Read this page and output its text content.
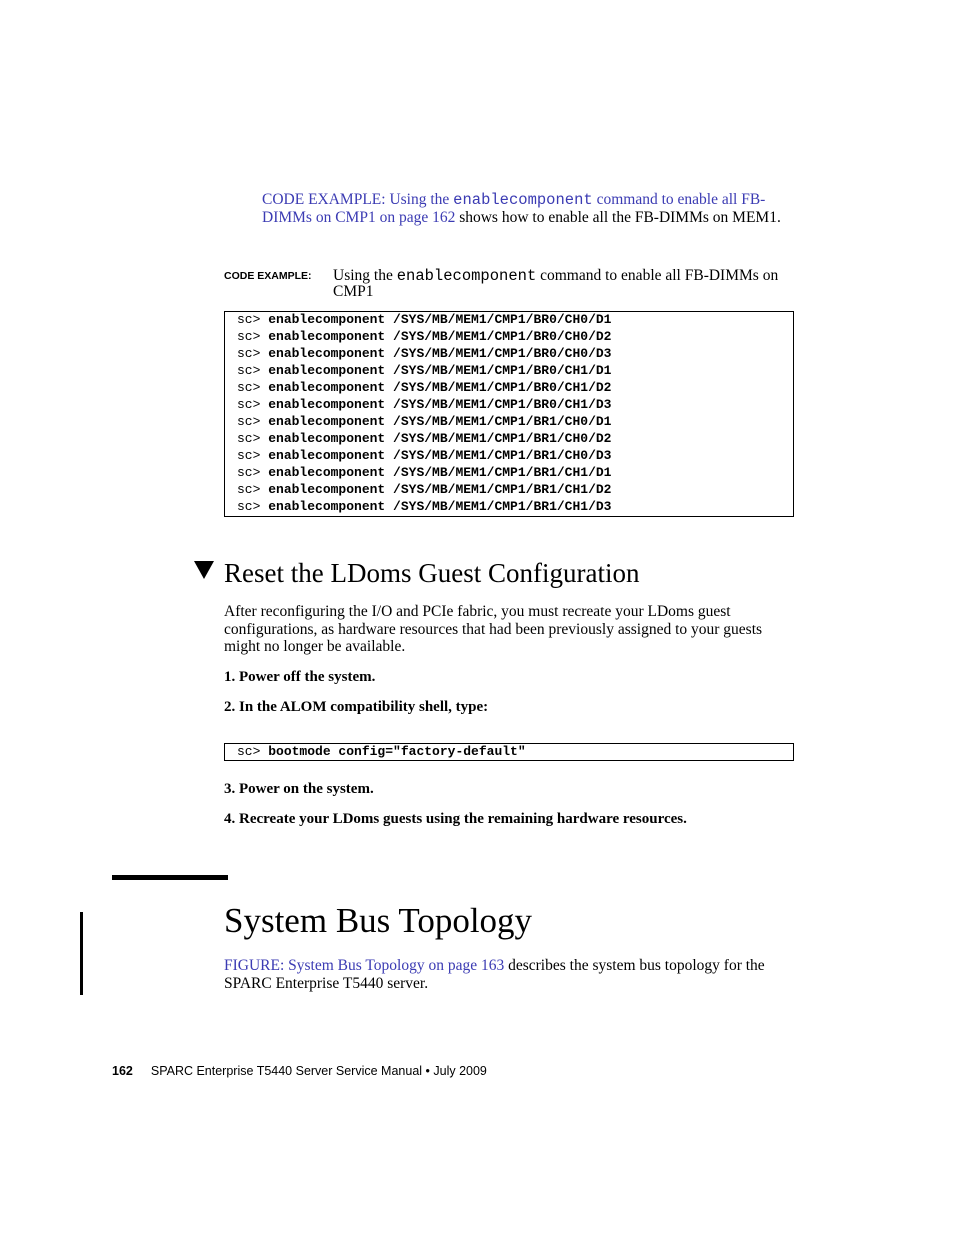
CODE EXAMPLE: Using the enablecomponent command to enable all FB-DIMMs on CMP1 on page 162 shows how to enable all the FB-DIMMs on MEM1.
CODE EXAMPLE: Using the enablecomponent command to enable all FB-DIMMs on CMP1
sc> enablecomponent /SYS/MB/MEM1/CMP1/BR0/CH0/D1
sc> enablecomponent /SYS/MB/MEM1/CMP1/BR0/CH0/D2
sc> enablecomponent /SYS/MB/MEM1/CMP1/BR0/CH0/D3
sc> enablecomponent /SYS/MB/MEM1/CMP1/BR0/CH1/D1
sc> enablecomponent /SYS/MB/MEM1/CMP1/BR0/CH1/D2
sc> enablecomponent /SYS/MB/MEM1/CMP1/BR0/CH1/D3
sc> enablecomponent /SYS/MB/MEM1/CMP1/BR1/CH0/D1
sc> enablecomponent /SYS/MB/MEM1/CMP1/BR1/CH0/D2
sc> enablecomponent /SYS/MB/MEM1/CMP1/BR1/CH0/D3
sc> enablecomponent /SYS/MB/MEM1/CMP1/BR1/CH1/D1
sc> enablecomponent /SYS/MB/MEM1/CMP1/BR1/CH1/D2
sc> enablecomponent /SYS/MB/MEM1/CMP1/BR1/CH1/D3
Reset the LDoms Guest Configuration
After reconfiguring the I/O and PCIe fabric, you must recreate your LDoms guest configurations, as hardware resources that had been previously assigned to your guests might no longer be available.
1. Power off the system.
2. In the ALOM compatibility shell, type:
sc> bootmode config="factory-default"
3. Power on the system.
4. Recreate your LDoms guests using the remaining hardware resources.
System Bus Topology
FIGURE: System Bus Topology on page 163 describes the system bus topology for the SPARC Enterprise T5440 server.
162 SPARC Enterprise T5440 Server Service Manual • July 2009
